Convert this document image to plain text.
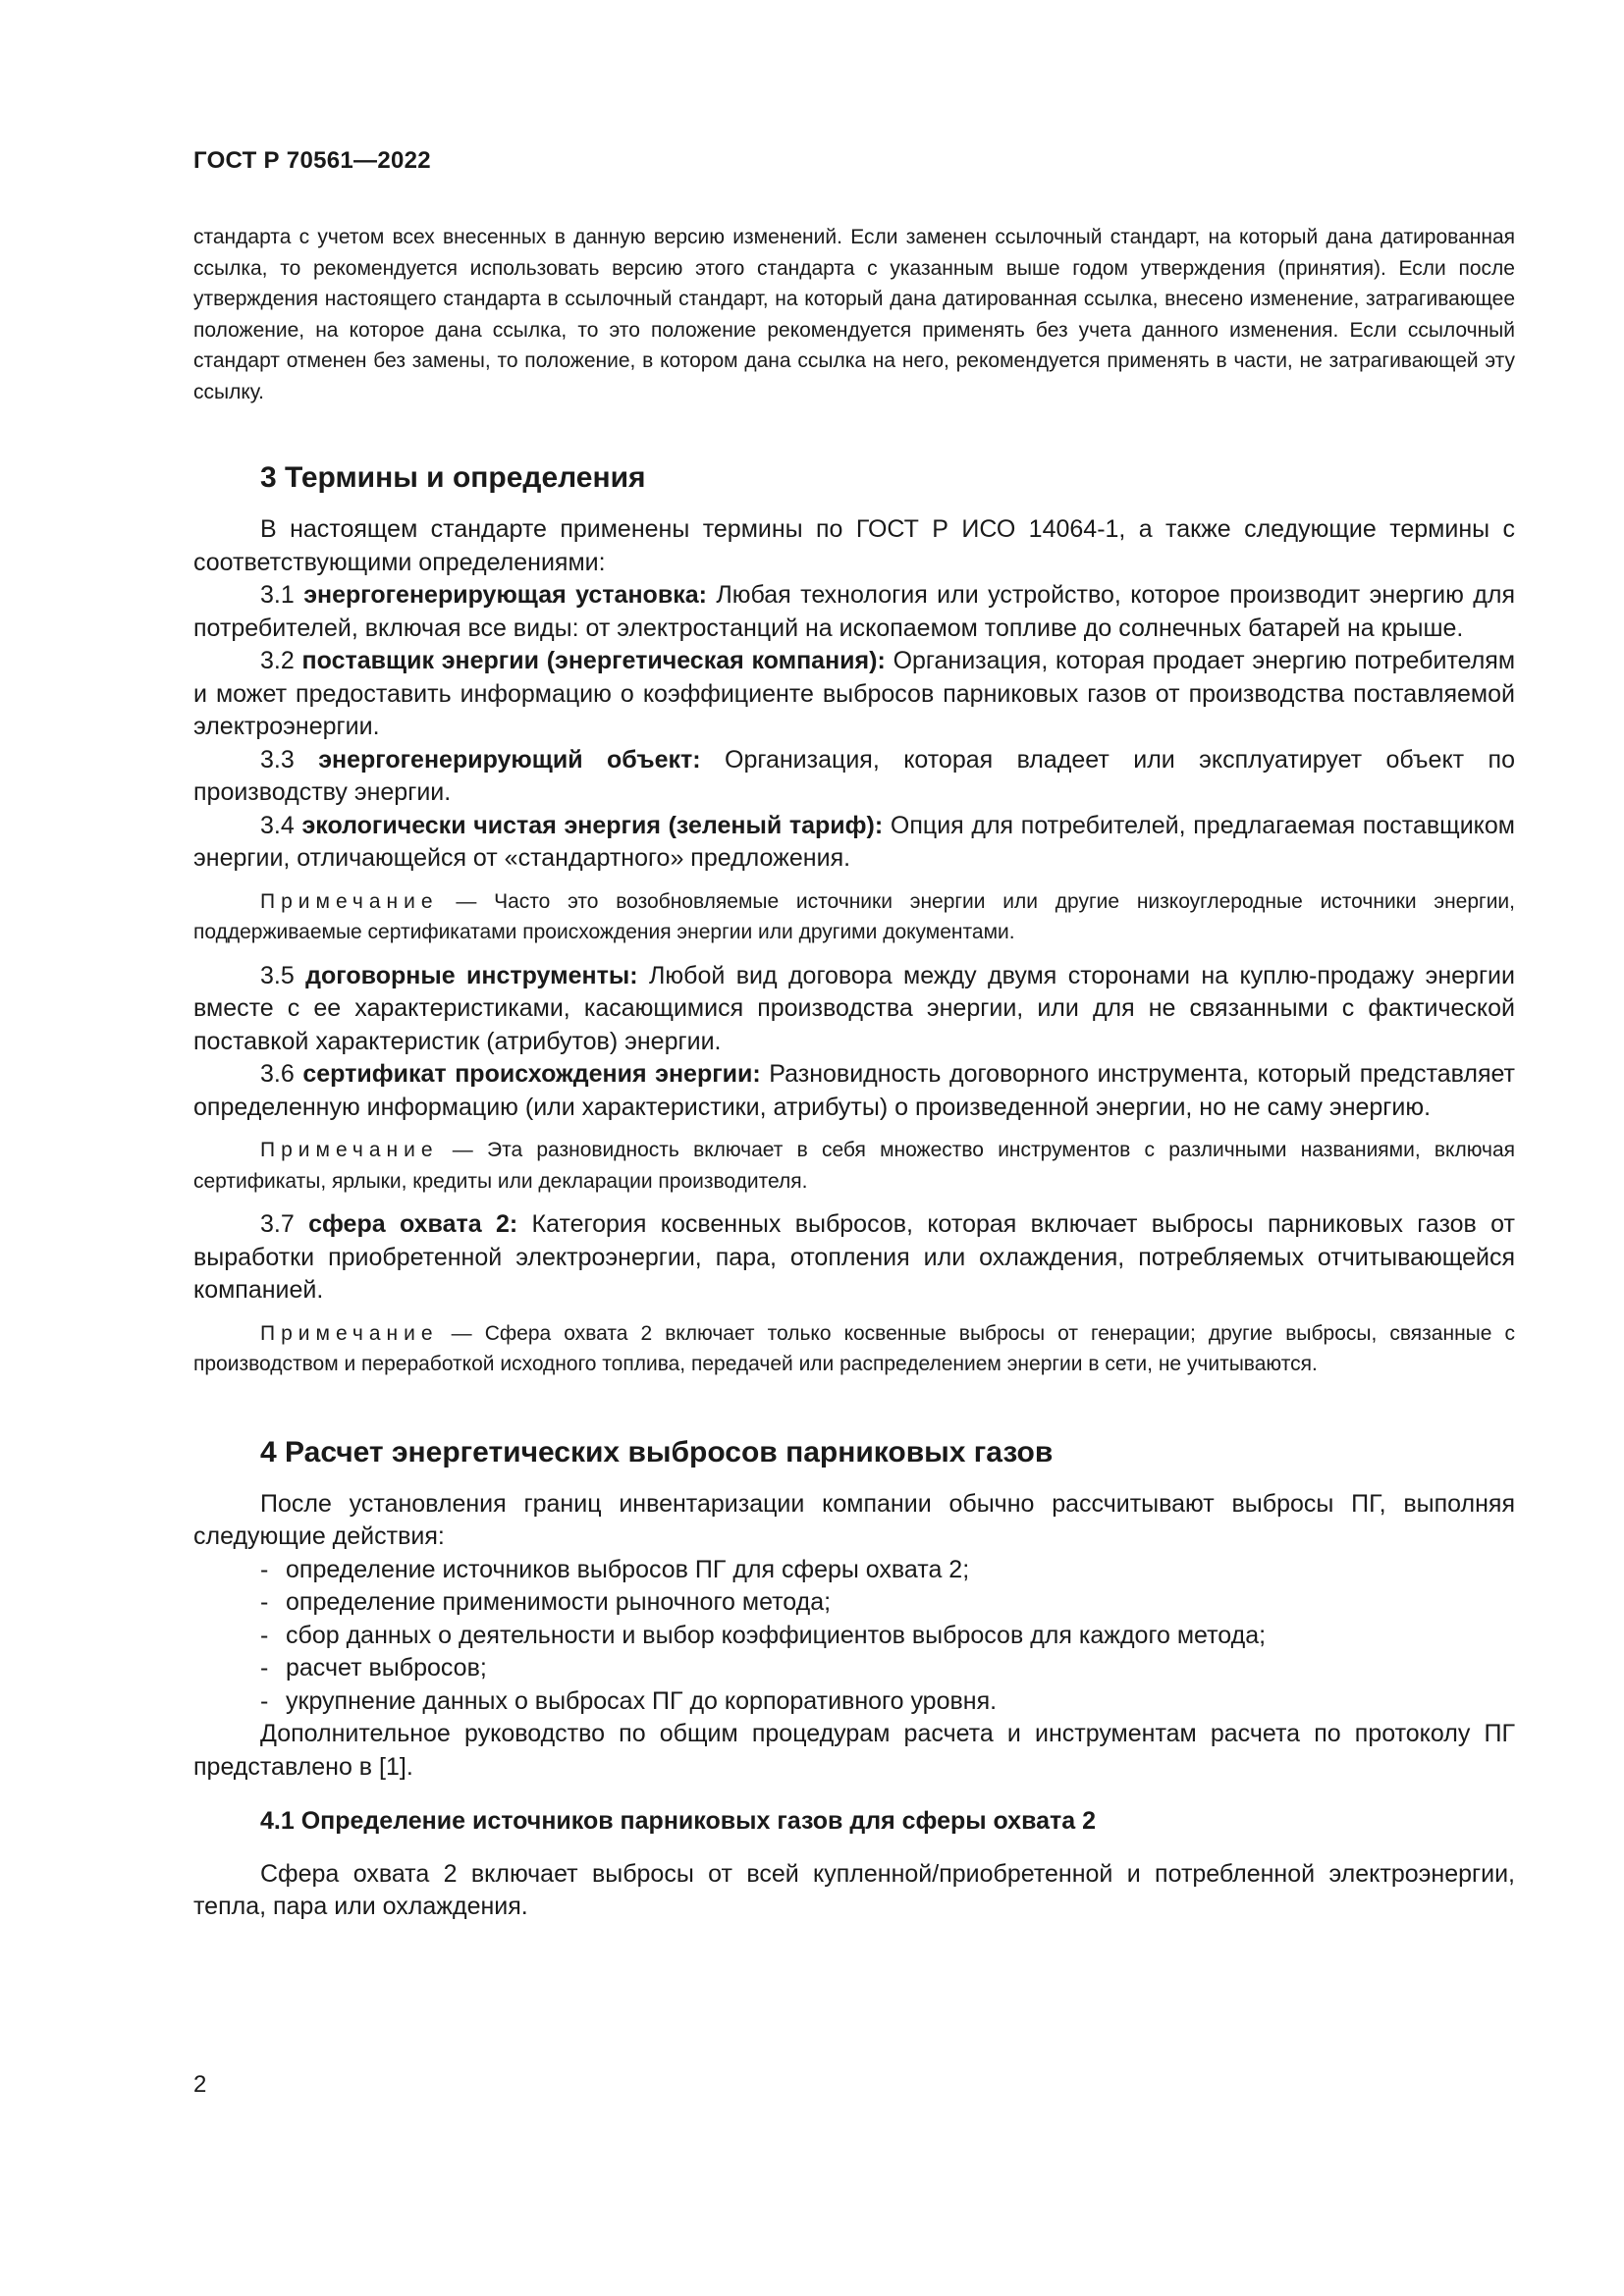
ГОСТ Р 70561—2022

стандарта с учетом всех внесенных в данную версию изменений. Если заменен ссылочный стандарт, на который дана датированная ссылка, то рекомендуется использовать версию этого стандарта с указанным выше годом утверждения (принятия). Если после утверждения настоящего стандарта в ссылочный стандарт, на который дана датированная ссылка, внесено изменение, затрагивающее положение, на которое дана ссылка, то это положение рекомендуется применять без учета данного изменения. Если ссылочный стандарт отменен без замены, то положение, в котором дана ссылка на него, рекомендуется применять в части, не затрагивающей эту ссылку.

3 Термины и определения

В настоящем стандарте применены термины по ГОСТ Р ИСО 14064-1, а также следующие термины с соответствующими определениями:

3.1 энергогенерирующая установка: Любая технология или устройство, которое производит энергию для потребителей, включая все виды: от электростанций на ископаемом топливе до солнечных батарей на крыше.

3.2 поставщик энергии (энергетическая компания): Организация, которая продает энергию потребителям и может предоставить информацию о коэффициенте выбросов парниковых газов от производства поставляемой электроэнергии.

3.3 энергогенерирующий объект: Организация, которая владеет или эксплуатирует объект по производству энергии.

3.4 экологически чистая энергия (зеленый тариф): Опция для потребителей, предлагаемая поставщиком энергии, отличающейся от «стандартного» предложения.

Примечание — Часто это возобновляемые источники энергии или другие низкоуглеродные источники энергии, поддерживаемые сертификатами происхождения энергии или другими документами.

3.5 договорные инструменты: Любой вид договора между двумя сторонами на куплю-продажу энергии вместе с ее характеристиками, касающимися производства энергии, или для не связанными с фактической поставкой характеристик (атрибутов) энергии.

3.6 сертификат происхождения энергии: Разновидность договорного инструмента, который представляет определенную информацию (или характеристики, атрибуты) о произведенной энергии, но не саму энергию.

Примечание — Эта разновидность включает в себя множество инструментов с различными названиями, включая сертификаты, ярлыки, кредиты или декларации производителя.

3.7 сфера охвата 2: Категория косвенных выбросов, которая включает выбросы парниковых газов от выработки приобретенной электроэнергии, пара, отопления или охлаждения, потребляемых отчитывающейся компанией.

Примечание — Сфера охвата 2 включает только косвенные выбросы от генерации; другие выбросы, связанные с производством и переработкой исходного топлива, передачей или распределением энергии в сети, не учитываются.

4 Расчет энергетических выбросов парниковых газов

После установления границ инвентаризации компании обычно рассчитывают выбросы ПГ, выполняя следующие действия:

- определение источников выбросов ПГ для сферы охвата 2;
- определение применимости рыночного метода;
- сбор данных о деятельности и выбор коэффициентов выбросов для каждого метода;
- расчет выбросов;
- укрупнение данных о выбросах ПГ до корпоративного уровня.

Дополнительное руководство по общим процедурам расчета и инструментам расчета по протоколу ПГ представлено в [1].

4.1 Определение источников парниковых газов для сферы охвата 2

Сфера охвата 2 включает выбросы от всей купленной/приобретенной и потребленной электроэнергии, тепла, пара или охлаждения.

2
